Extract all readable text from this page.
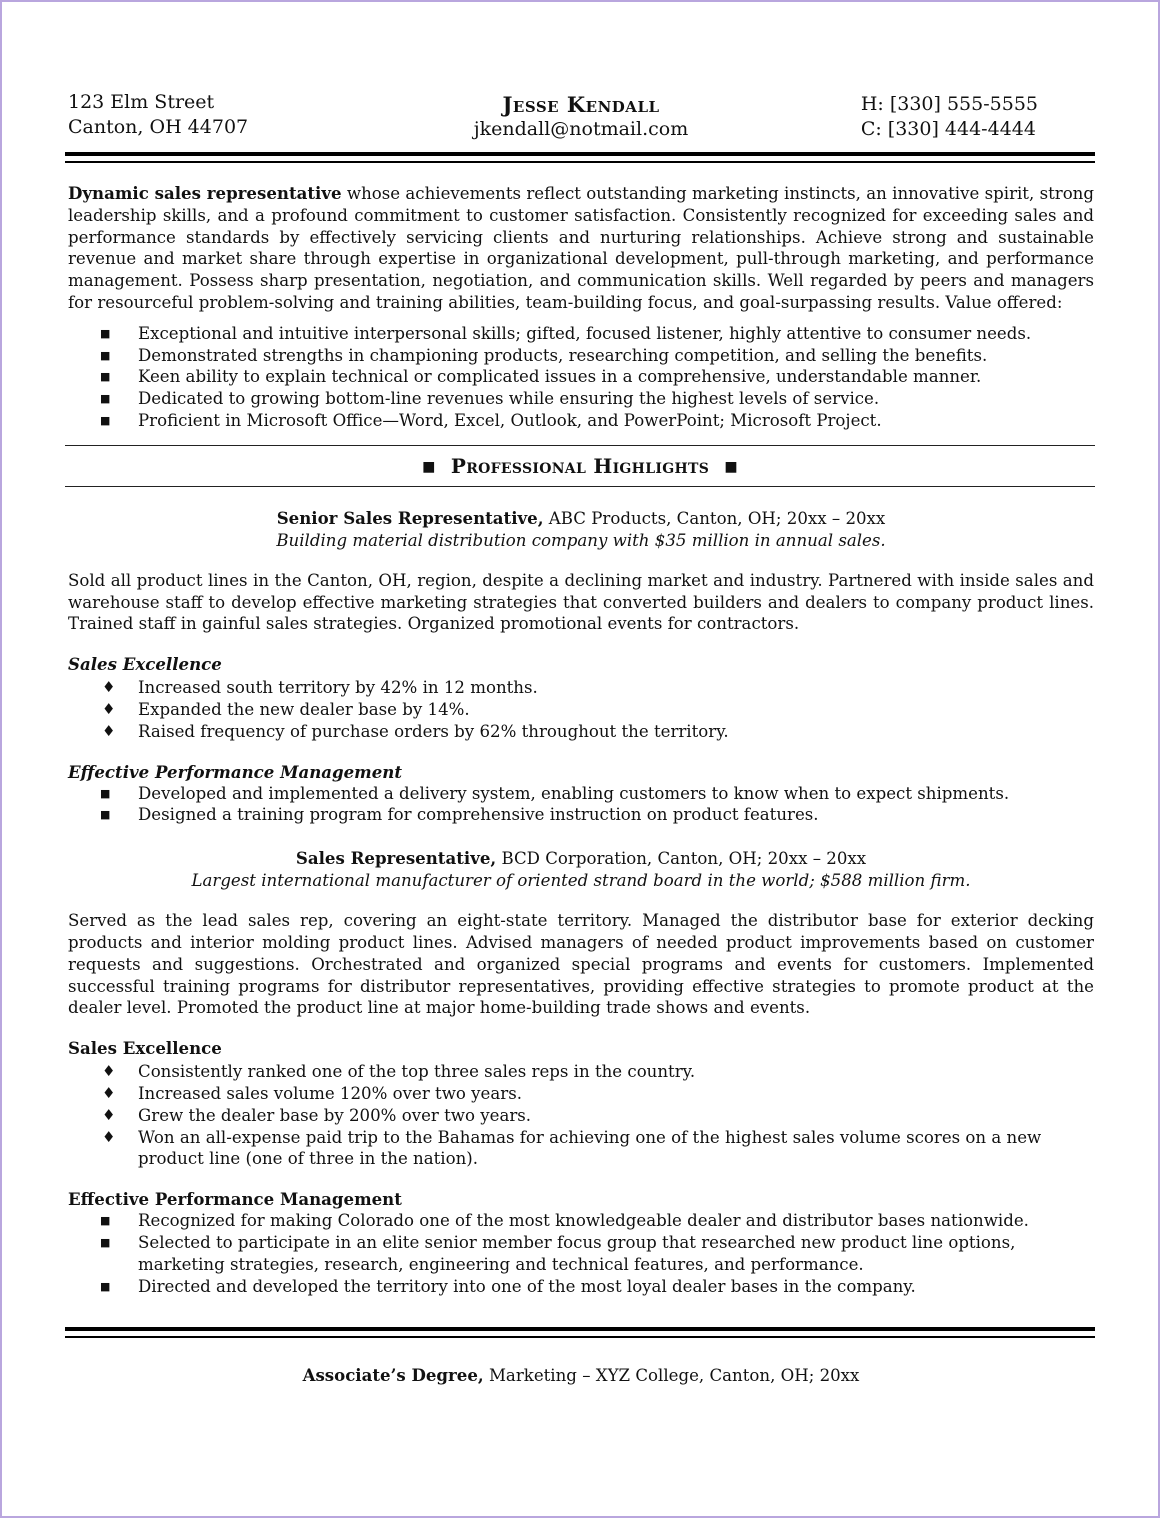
123 Elm Street
Canton, OH 44707
Jesse Kendall
jkendall@notmail.com
H: [330] 555-5555
C: [330] 444-4444
Dynamic sales representative whose achievements reflect outstanding marketing instincts, an innovative spirit, strong leadership skills, and a profound commitment to customer satisfaction. Consistently recognized for exceeding sales and performance standards by effectively servicing clients and nurturing relationships. Achieve strong and sustainable revenue and market share through expertise in organizational development, pull-through marketing, and performance management. Possess sharp presentation, negotiation, and communication skills. Well regarded by peers and managers for resourceful problem-solving and training abilities, team-building focus, and goal-surpassing results. Value offered:
■ Exceptional and intuitive interpersonal skills; gifted, focused listener, highly attentive to consumer needs.
■ Demonstrated strengths in championing products, researching competition, and selling the benefits.
■ Keen ability to explain technical or complicated issues in a comprehensive, understandable manner.
■ Dedicated to growing bottom-line revenues while ensuring the highest levels of service.
■ Proficient in Microsoft Office—Word, Excel, Outlook, and PowerPoint; Microsoft Project.
■ Professional Highlights ■
Senior Sales Representative, ABC Products, Canton, OH; 20xx – 20xx
Building material distribution company with $35 million in annual sales.
Sold all product lines in the Canton, OH, region, despite a declining market and industry. Partnered with inside sales and warehouse staff to develop effective marketing strategies that converted builders and dealers to company product lines. Trained staff in gainful sales strategies. Organized promotional events for contractors.
Sales Excellence
♦ Increased south territory by 42% in 12 months.
♦ Expanded the new dealer base by 14%.
♦ Raised frequency of purchase orders by 62% throughout the territory.
Effective Performance Management
■ Developed and implemented a delivery system, enabling customers to know when to expect shipments.
■ Designed a training program for comprehensive instruction on product features.
Sales Representative, BCD Corporation, Canton, OH; 20xx – 20xx
Largest international manufacturer of oriented strand board in the world; $588 million firm.
Served as the lead sales rep, covering an eight-state territory. Managed the distributor base for exterior decking products and interior molding product lines. Advised managers of needed product improvements based on customer requests and suggestions. Orchestrated and organized special programs and events for customers. Implemented successful training programs for distributor representatives, providing effective strategies to promote product at the dealer level. Promoted the product line at major home-building trade shows and events.
Sales Excellence
♦ Consistently ranked one of the top three sales reps in the country.
♦ Increased sales volume 120% over two years.
♦ Grew the dealer base by 200% over two years.
♦ Won an all-expense paid trip to the Bahamas for achieving one of the highest sales volume scores on a new product line (one of three in the nation).
Effective Performance Management
■ Recognized for making Colorado one of the most knowledgeable dealer and distributor bases nationwide.
■ Selected to participate in an elite senior member focus group that researched new product line options, marketing strategies, research, engineering and technical features, and performance.
■ Directed and developed the territory into one of the most loyal dealer bases in the company.
Associate’s Degree, Marketing – XYZ College, Canton, OH; 20xx
